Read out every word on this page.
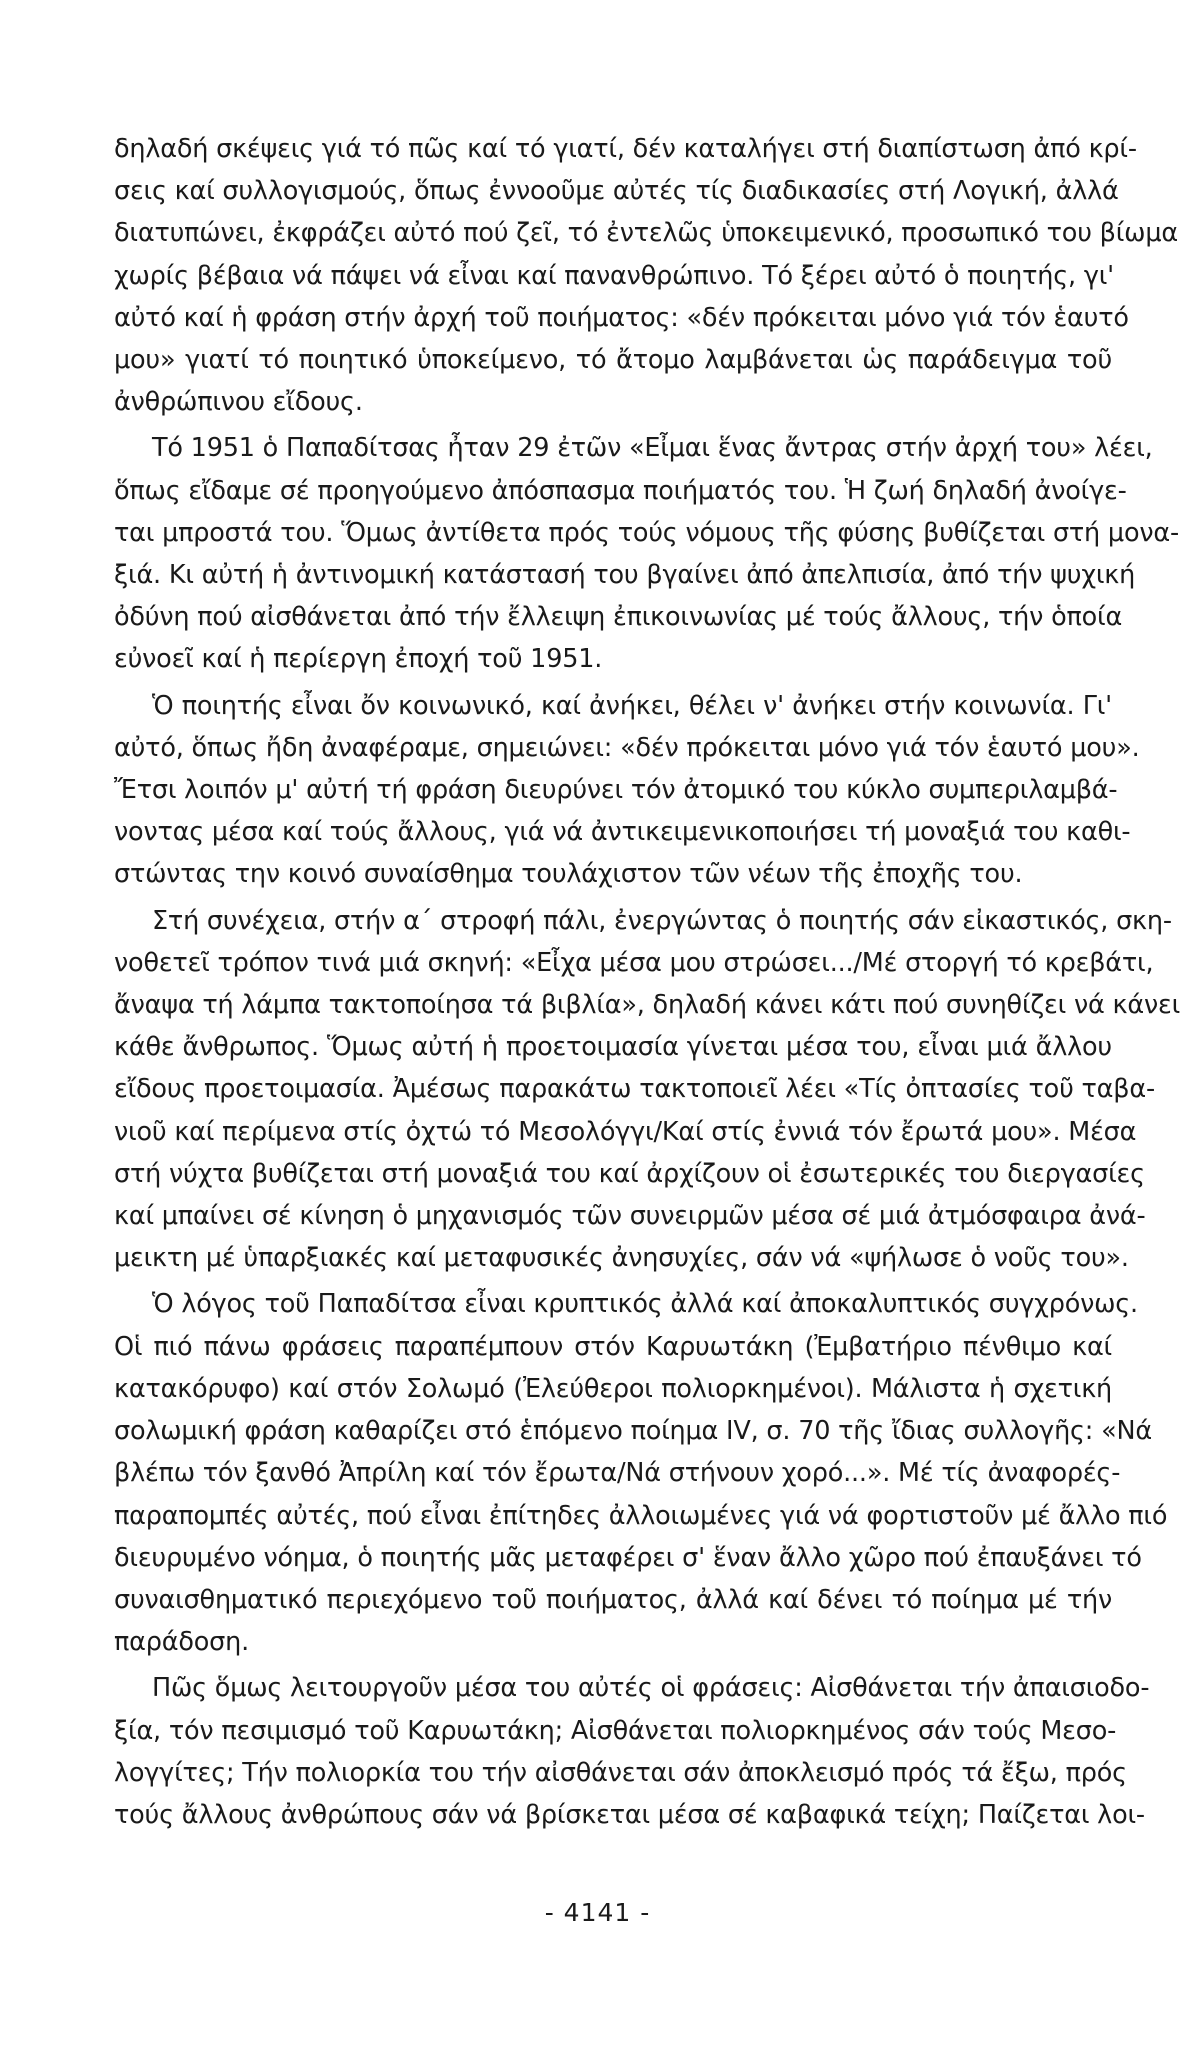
δηλαδή σκέψεις γιά τό πῶς καί τό γιατί, δέν καταλήγει στή διαπίστωση ἀπό κρί-
σεις καί συλλογισμούς, ὅπως ἐννοοῦμε αὐτές τίς διαδικασίες στή Λογική, ἀλλά
διατυπώνει, ἐκφράζει αὐτό πού ζεῖ, τό ἐντελῶς ὑποκειμενικό, προσωπικό του βίωμα
χωρίς βέβαια νά πάψει νά εἶναι καί πανανθρώπινο. Τό ξέρει αὐτό ὁ ποιητής, γι'
αὐτό καί ἡ φράση στήν ἀρχή τοῦ ποιήματος: «δέν πρόκειται μόνο γιά τόν ἑαυτό
μου» γιατί τό ποιητικό ὑποκείμενο, τό ἄτομο λαμβάνεται ὡς παράδειγμα τοῦ
ἀνθρώπινου εἴδους.

Τό 1951 ὁ Παπαδίτσας ἦταν 29 ἐτῶν «Εἶμαι ἕνας ἄντρας στήν ἀρχή του» λέει,
ὅπως εἴδαμε σέ προηγούμενο ἀπόσπασμα ποιήματός του. Ἡ ζωή δηλαδή ἀνοίγε-
ται μπροστά του. Ὅμως ἀντίθετα πρός τούς νόμους τῆς φύσης βυθίζεται στή μονα-
ξιά. Κι αὐτή ἡ ἀντινομική κατάστασή του βγαίνει ἀπό ἀπελπισία, ἀπό τήν ψυχική
ὀδύνη πού αἰσθάνεται ἀπό τήν ἔλλειψη ἐπικοινωνίας μέ τούς ἄλλους, τήν ὁποία
εὐνοεῖ καί ἡ περίεργη ἐποχή τοῦ 1951.

Ὁ ποιητής εἶναι ὄν κοινωνικό, καί ἀνήκει, θέλει ν' ἀνήκει στήν κοινωνία. Γι'
αὐτό, ὅπως ἤδη ἀναφέραμε, σημειώνει: «δέν πρόκειται μόνο γιά τόν ἑαυτό μου».
Ἔτσι λοιπόν μ' αὐτή τή φράση διευρύνει τόν ἀτομικό του κύκλο συμπεριλαμβά-
νοντας μέσα καί τούς ἄλλους, γιά νά ἀντικειμενικοποιήσει τή μοναξιά του καθι-
στώντας την κοινό συναίσθημα τουλάχιστον τῶν νέων τῆς ἐποχῆς του.

Στή συνέχεια, στήν α΄ στροφή πάλι, ἐνεργώντας ὁ ποιητής σάν εἰκαστικός, σκη-
νοθετεῖ τρόπον τινά μιά σκηνή: «Εἶχα μέσα μου στρώσει.../Μέ στοργή τό κρεβάτι,
ἄναψα τή λάμπα τακτοποίησα τά βιβλία», δηλαδή κάνει κάτι πού συνηθίζει νά κάνει
κάθε ἄνθρωπος. Ὅμως αὐτή ἡ προετοιμασία γίνεται μέσα του, εἶναι μιά ἄλλου
εἴδους προετοιμασία. Ἀμέσως παρακάτω τακτοποιεῖ λέει «Τίς ὀπτασίες τοῦ ταβα-
νιοῦ καί περίμενα στίς ὀχτώ τό Μεσολόγγι/Καί στίς ἐννιά τόν ἔρωτά μου». Μέσα
στή νύχτα βυθίζεται στή μοναξιά του καί ἀρχίζουν οἱ ἐσωτερικές του διεργασίες
καί μπαίνει σέ κίνηση ὁ μηχανισμός τῶν συνειρμῶν μέσα σέ μιά ἀτμόσφαιρα ἀνά-
μεικτη μέ ὑπαρξιακές καί μεταφυσικές ἀνησυχίες, σάν νά «ψήλωσε ὁ νοῦς του».

Ὁ λόγος τοῦ Παπαδίτσα εἶναι κρυπτικός ἀλλά καί ἀποκαλυπτικός συγχρόνως.
Οἱ πιό πάνω φράσεις παραπέμπουν στόν Καρυωτάκη (Ἐμβατήριο πένθιμο καί
κατακόρυφο) καί στόν Σολωμό (Ἐλεύθεροι πολιορκημένοι). Μάλιστα ἡ σχετική
σολωμική φράση καθαρίζει στό ἑπόμενο ποίημα IV, σ. 70 τῆς ἴδιας συλλογῆς: «Νά
βλέπω τόν ξανθό Ἀπρίλη καί τόν ἔρωτα/Νά στήνουν χορό...». Μέ τίς ἀναφορές-
παραπομπές αὐτές, πού εἶναι ἐπίτηδες ἀλλοιωμένες γιά νά φορτιστοῦν μέ ἄλλο πιό
διευρυμένο νόημα, ὁ ποιητής μᾶς μεταφέρει σ' ἕναν ἄλλο χῶρο πού ἐπαυξάνει τό
συναισθηματικό περιεχόμενο τοῦ ποιήματος, ἀλλά καί δένει τό ποίημα μέ τήν
παράδοση.

Πῶς ὅμως λειτουργοῦν μέσα του αὐτές οἱ φράσεις: Αἰσθάνεται τήν ἀπαισιοδο-
ξία, τόν πεσιμισμό τοῦ Καρυωτάκη; Αἰσθάνεται πολιορκημένος σάν τούς Μεσο-
λογγίτες; Τήν πολιορκία του τήν αἰσθάνεται σάν ἀποκλεισμό πρός τά ἔξω, πρός
τούς ἄλλους ἀνθρώπους σάν νά βρίσκεται μέσα σέ καβαφικά τείχη; Παίζεται λοι-

- 4141 -
